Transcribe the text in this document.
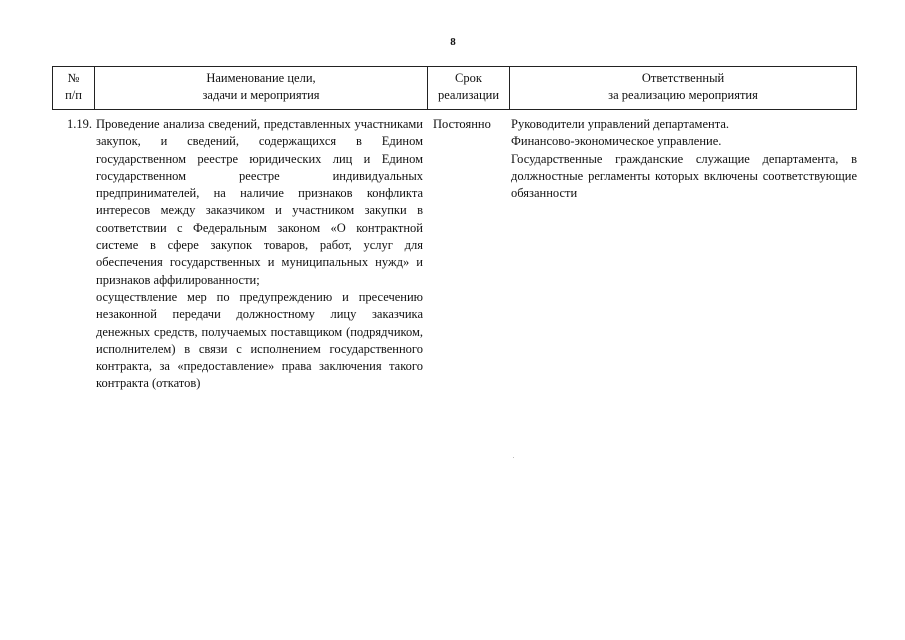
8
№
п/п
Наименование цели,
задачи и мероприятия
Срок
реализации
Ответственный
за реализацию мероприятия
1.19. Проведение анализа сведений, представленных участниками закупок, и сведений, содержащихся в Едином государственном реестре юридических лиц и Едином государственном реестре индивидуальных предпринимателей, на наличие признаков конфликта интересов между заказчиком и участником закупки в соответствии с Федеральным законом «О контрактной системе в сфере закупок товаров, работ, услуг для обеспечения государственных и муниципальных нужд» и признаков аффилированности;

осуществление мер по предупреждению и пресечению незаконной передачи должностному лицу заказчика денежных средств, получаемых поставщиком (подрядчиком, исполнителем) в связи с исполнением государственного контракта, за «предоставление» права заключения такого контракта (откатов)

Постоянно	Руководители управлений департамента.

Финансово-экономическое управление.

Государственные гражданские служащие департамента, в должностные регламенты которых включены соответствующие обязанности
